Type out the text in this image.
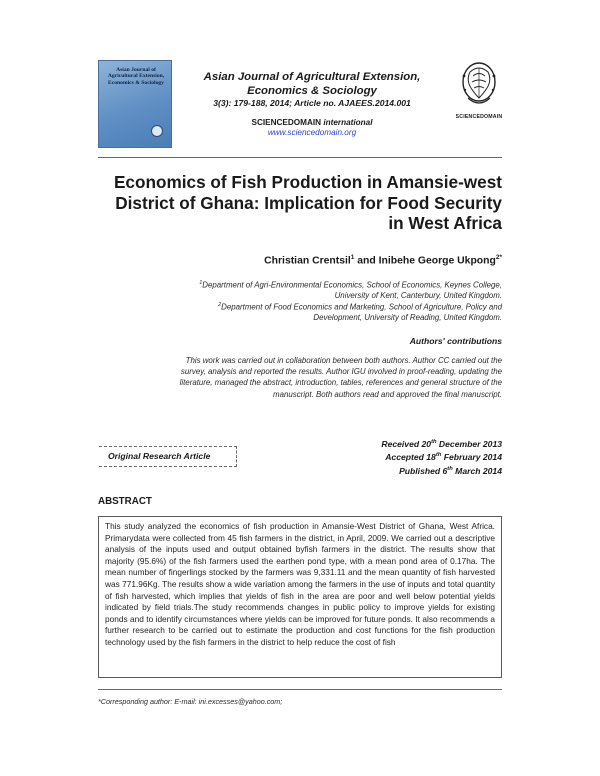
Asian Journal of
Agricultural Extension,
Economics & Sociology	Asian Journal of Agricultural Extension,
Economics & Sociology
3(3): 179-188, 2014; Article no. AJAEES.2014.001
SCIENCEDOMAIN international
www.sciencedomain.org
SCIENCEDOMAIN
Economics of Fish Production in Amansie-west
District of Ghana: Implication for Food Security
in West Africa
Christian Crentsil$^1$ and Inibehe George Ukpong$^{2*}$
$^1$Department of Agri-Environmental Economics, School of Economics, Keynes College,
University of Kent, Canterbury, United Kingdom.
$^2$Department of Food Economics and Marketing, School of Agriculture, Policy and
Development, University of Reading, United Kingdom.
Authors' contributions
This work was carried out in collaboration between both authors. Author CC carried out the
survey, analysis and reported the results. Author IGU involved in proof-reading, updating the
literature, managed the abstract, introduction, tables, references and general structure of the
manuscript. Both authors read and approved the final manuscript.
Original Research Article
Received 20th December 2013
Accepted 18th February 2014
Published 6th March 2014
ABSTRACT
This study analyzed the economics of fish production in Amansie-West District of Ghana, West Africa. Primarydata were collected from 45 fish farmers in the district, in April, 2009. We carried out a descriptive analysis of the inputs used and output obtained byfish farmers in the district. The results show that majority (95.6%) of the fish farmers used the earthen pond type, with a mean pond area of 0.17ha. The mean number of fingerlings stocked by the farmers was 9,331.11 and the mean quantity of fish harvested was 771.96Kg. The results show a wide variation among the farmers in the use of inputs and total quantity of fish harvested, which implies that yields of fish in the area are poor and well below potential yields indicated by field trials.The study recommends changes in public policy to improve yields for existing ponds and to identify circumstances where yields can be improved for future ponds. It also recommends a further research to be carried out to estimate the production and cost functions for the fish production technology used by the fish farmers in the district to help reduce the cost of fish
*Corresponding author: E-mail: ini.excesses@yahoo.com;
